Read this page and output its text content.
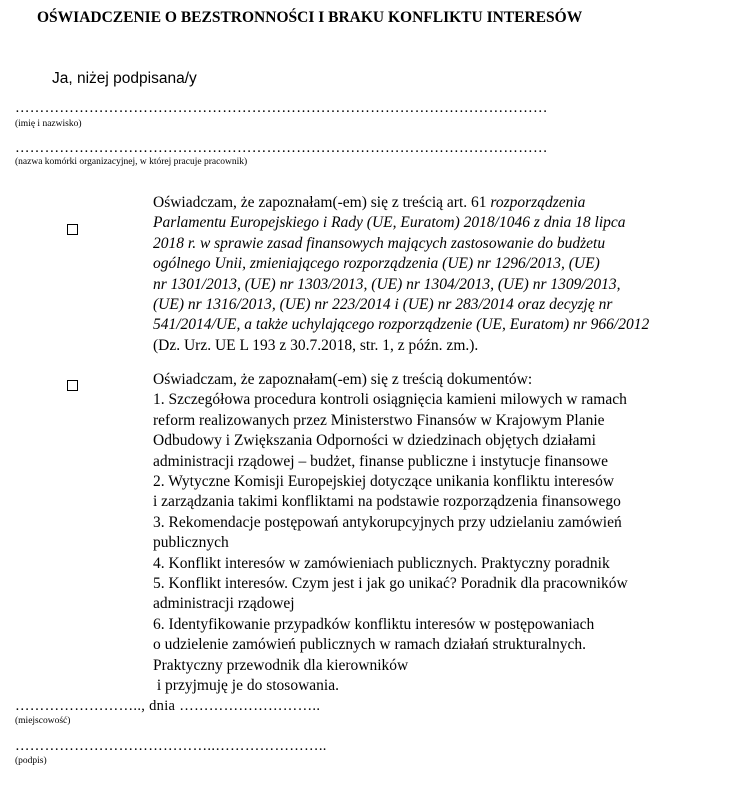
OŚWIADCZENIE O BEZSTRONNOŚCI I BRAKU KONFLIKTU INTERESÓW
Ja, niżej podpisana/y
………………………………………………………………………………………………
(imię i nazwisko)
………………………………………………………………………………………………
(nazwa komórki organizacyjnej, w której pracuje pracownik)
Oświadczam, że zapoznałam(-em) się z treścią art. 61 rozporządzenia
Parlamentu Europejskiego i Rady (UE, Euratom) 2018/1046 z dnia 18 lipca
2018 r. w sprawie zasad finansowych mających zastosowanie do budżetu
ogólnego Unii, zmieniającego rozporządzenia (UE) nr 1296/2013, (UE)
nr 1301/2013, (UE) nr 1303/2013, (UE) nr 1304/2013, (UE) nr 1309/2013,
(UE) nr 1316/2013, (UE) nr 223/2014 i (UE) nr 283/2014 oraz decyzję nr
541/2014/UE, a także uchylającego rozporządzenie (UE, Euratom) nr 966/2012
(Dz. Urz. UE L 193 z 30.7.2018, str. 1, z późn. zm.).
Oświadczam, że zapoznałam(-em) się z treścią dokumentów:
1. Szczegółowa procedura kontroli osiągnięcia kamieni milowych w ramach
reform realizowanych przez Ministerstwo Finansów w Krajowym Planie
Odbudowy i Zwiększania Odporności w dziedzinach objętych działami
administracji rządowej – budżet, finanse publiczne i instytucje finansowe
2. Wytyczne Komisji Europejskiej dotyczące unikania konfliktu interesów
i zarządzania takimi konfliktami na podstawie rozporządzenia finansowego
3. Rekomendacje postępowań antykorupcyjnych przy udzielaniu zamówień
publicznych
4. Konflikt interesów w zamówieniach publicznych. Praktyczny poradnik
5. Konflikt interesów. Czym jest i jak go unikać? Poradnik dla pracowników
administracji rządowej
6. Identyfikowanie przypadków konfliktu interesów w postępowaniach
o udzielenie zamówień publicznych w ramach działań strukturalnych.
Praktyczny przewodnik dla kierowników
i przyjmuję je do stosowania.
…………………….., dnia ………………………..
(miejscowość)
…………………………………..…………………..
(podpis)
